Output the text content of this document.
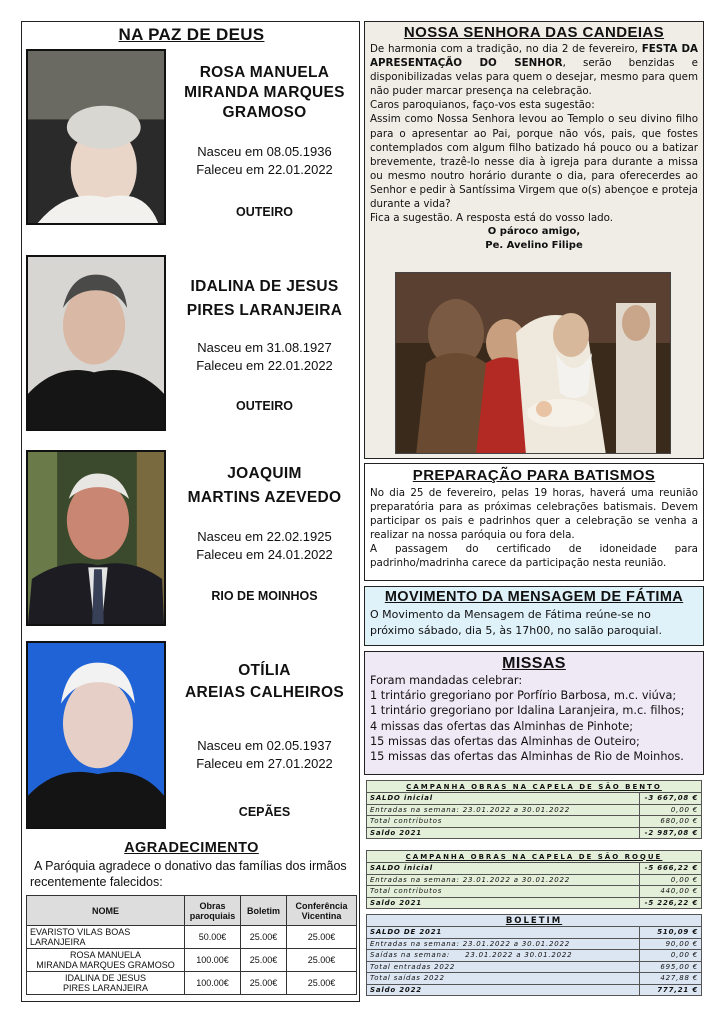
NA PAZ DE DEUS
ROSA MANUELA
MIRANDA MARQUES
GRAMOSO
Nasceu em 08.05.1936
Faleceu em 22.01.2022
OUTEIRO
IDALINA DE JESUS
PIRES LARANJEIRA
Nasceu em 31.08.1927
Faleceu em 22.01.2022
OUTEIRO
JOAQUIM
MARTINS AZEVEDO
Nasceu em 22.02.1925
Faleceu em 24.01.2022
RIO DE MOINHOS
OTÍLIA
AREIAS CALHEIROS
Nasceu em 02.05.1937
Faleceu em 27.01.2022
CEPÃES
AGRADECIMENTO
A Paróquia agradece o donativo das famílias dos irmãos recentemente falecidos:
NOME	Obras paroquiais	Boletim	Conferência Vicentina
EVARISTO VILAS BOAS LARANJEIRA	50.00€	25.00€	25.00€

ROSA MANUELA
MIRANDA MARQUES GRAMOSO	100.00€	25.00€	25.00€

IDALINA DE JESUS
PIRES LARANJEIRA	100.00€	25.00€	25.00€
NOSSA SENHORA DAS CANDEIAS
De harmonia com a tradição, no dia 2 de fevereiro, FESTA DA APRESENTAÇÃO DO SENHOR, serão benzidas e disponibilizadas velas para quem o desejar, mesmo para quem não puder marcar presença na celebração.
Caros paroquianos, faço-vos esta sugestão:
Assim como Nossa Senhora levou ao Templo o seu divino filho para o apresentar ao Pai, porque não vós, pais, que fostes contemplados com algum filho batizado há pouco ou a batizar brevemente, trazê-lo nesse dia à igreja para durante a missa ou mesmo noutro horário durante o dia, para oferecerdes ao Senhor e pedir à Santíssima Virgem que o(s) abençoe e proteja durante a vida?
Fica a sugestão. A resposta está do vosso lado.
O pároco amigo,
Pe. Avelino Filipe
PREPARAÇÃO PARA BATISMOS
No dia 25 de fevereiro, pelas 19 horas, haverá uma reunião preparatória para as próximas celebrações batismais. Devem participar os pais e padrinhos quer a celebração se venha a realizar na nossa paróquia ou fora dela.
A passagem do certificado de idoneidade para padrinho/madrinha carece da participação nesta reunião.
MOVIMENTO DA MENSAGEM DE FÁTIMA
O Movimento da Mensagem de Fátima reúne-se no próximo sábado, dia 5, às 17h00, no salão paroquial.
MISSAS
Foram mandadas celebrar:
1 trintário gregoriano por Porfírio Barbosa, m.c. viúva;
1 trintário gregoriano por Idalina Laranjeira, m.c. filhos;
4 missas das ofertas das Alminhas de Pinhote;
15 missas das ofertas das Alminhas de Outeiro;
15 missas das ofertas das Alminhas de Rio de Moinhos.
CAMPANHA OBRAS NA CAPELA DE SÃO BENTO	
SALDO inicial	-3 667,08 €
Entradas na semana: 23.01.2022 a 30.01.2022	0,00 €
Total contributos	680,00 €
Saldo 2021	-2 987,08 €
CAMPANHA OBRAS NA CAPELA DE SÃO ROQUE	
SALDO inicial	-5 666,22 €
Entradas na semana: 23.01.2022 a 30.01.2022	0,00 €
Total contributos	440,00 €
Saldo 2021	-5 226,22 €
BOLETIM	
SALDO DE 2021	510,09 €
Entradas na semana: 23.01.2022 a 30.01.2022	90,00 €
Saídas na semana:     23.01.2022 a 30.01.2022	0,00 €
Total entradas 2022	695,00 €
Total saídas 2022	427,88 €
Saldo 2022	777,21 €
